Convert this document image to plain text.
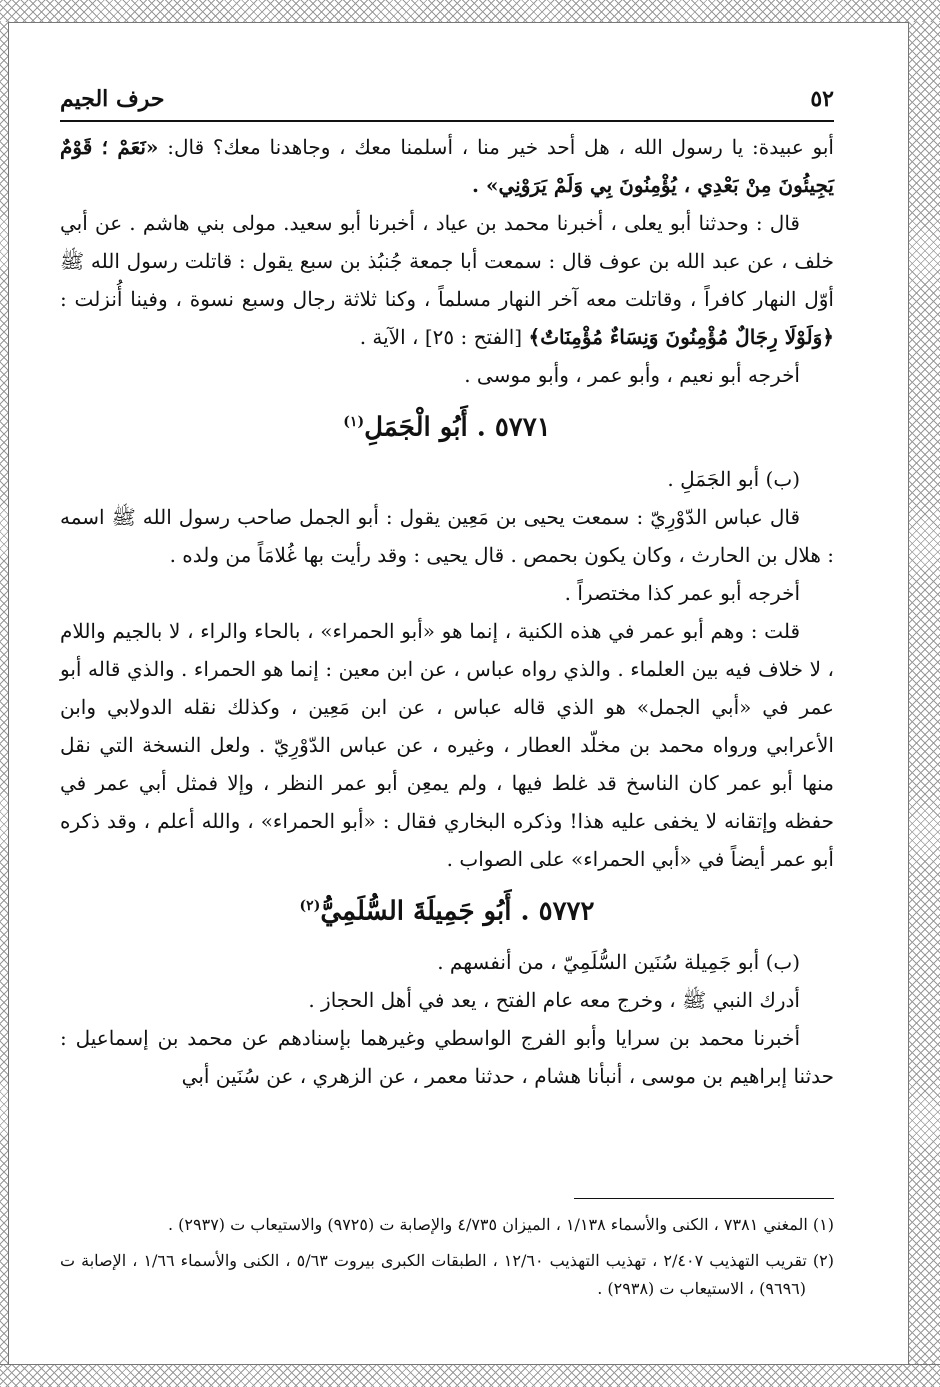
٥٢
حرف الجيم

أبو عبيدة: يا رسول الله ، هل أحد خير منا ، أسلمنا معك ، وجاهدنا معك؟ قال: «نَعَمْ ؛ قَوْمٌ يَجِيئُونَ مِنْ بَعْدِي ، يُؤْمِنُونَ بِي وَلَمْ يَرَوْنِي» .

قال : وحدثنا أبو يعلى ، أخبرنا محمد بن عياد ، أخبرنا أبو سعيد. مولى بني هاشم . عن أبي خلف ، عن عبد الله بن عوف قال : سمعت أبا جمعة جُنبُذ بن سبع يقول : قاتلت رسول الله ﷺ أوّل النهار كافراً ، وقاتلت معه آخر النهار مسلماً ، وكنا ثلاثة رجال وسبع نسوة ، وفينا أُنزلت : ﴿وَلَوْلَا رِجَالٌ مُؤْمِنُونَ وَنِسَاءٌ مُؤْمِنَاتٌ﴾ [الفتح : ٢٥] ، الآية .

أخرجه أبو نعيم ، وأبو عمر ، وأبو موسى .

٥٧٧١ . أَبُو الْجَمَلِ$^{(١)}$

(ب) أبو الجَمَلِ .

قال عباس الدّوْرِيّ : سمعت يحيى بن مَعِين يقول : أبو الجمل صاحب رسول الله ﷺ اسمه : هلال بن الحارث ، وكان يكون بحمص . قال يحيى : وقد رأيت بها غُلامَاً من ولده .

أخرجه أبو عمر كذا مختصراً .

قلت : وهم أبو عمر في هذه الكنية ، إنما هو «أبو الحمراء» ، بالحاء والراء ، لا بالجيم واللام ، لا خلاف فيه بين العلماء . والذي رواه عباس ، عن ابن معين : إنما هو الحمراء . والذي قاله أبو عمر في «أبي الجمل» هو الذي قاله عباس ، عن ابن مَعِين ، وكذلك نقله الدولابي وابن الأعرابي ورواه محمد بن مخلّد العطار ، وغيره ، عن عباس الدّوْرِيّ . ولعل النسخة التي نقل منها أبو عمر كان الناسخ قد غلط فيها ، ولم يمعِن أبو عمر النظر ، وإلا فمثل أبي عمر في حفظه وإتقانه لا يخفى عليه هذا! وذكره البخاري فقال : «أبو الحمراء» ، والله أعلم ، وقد ذكره أبو عمر أيضاً في «أبي الحمراء» على الصواب .

٥٧٧٢ . أَبُو جَمِيلَةَ السُّلَمِيُّ$^{(٢)}$

(ب) أبو جَمِيلة سُنَين السُّلَمِيّ ، من أنفسهم .

أدرك النبي ﷺ ، وخرج معه عام الفتح ، يعد في أهل الحجاز .

أخبرنا محمد بن سرايا وأبو الفرج الواسطي وغيرهما بإسنادهم عن محمد بن إسماعيل : حدثنا إبراهيم بن موسى ، أنبأنا هشام ، حدثنا معمر ، عن الزهري ، عن سُنَين أبي

(١) المغني ٧٣٨١ ، الكنى والأسماء ١/١٣٨ ، الميزان ٤/٧٣٥ والإصابة ت (٩٧٢٥) والاستيعاب ت (٢٩٣٧) .

(٢) تقريب التهذيب ٢/٤٠٧ ، تهذيب التهذيب ١٢/٦٠ ، الطبقات الكبرى بيروت ٥/٦٣ ، الكنى والأسماء ١/٦٦ ، الإصابة ت (٩٦٩٦) ، الاستيعاب ت (٢٩٣٨) .
